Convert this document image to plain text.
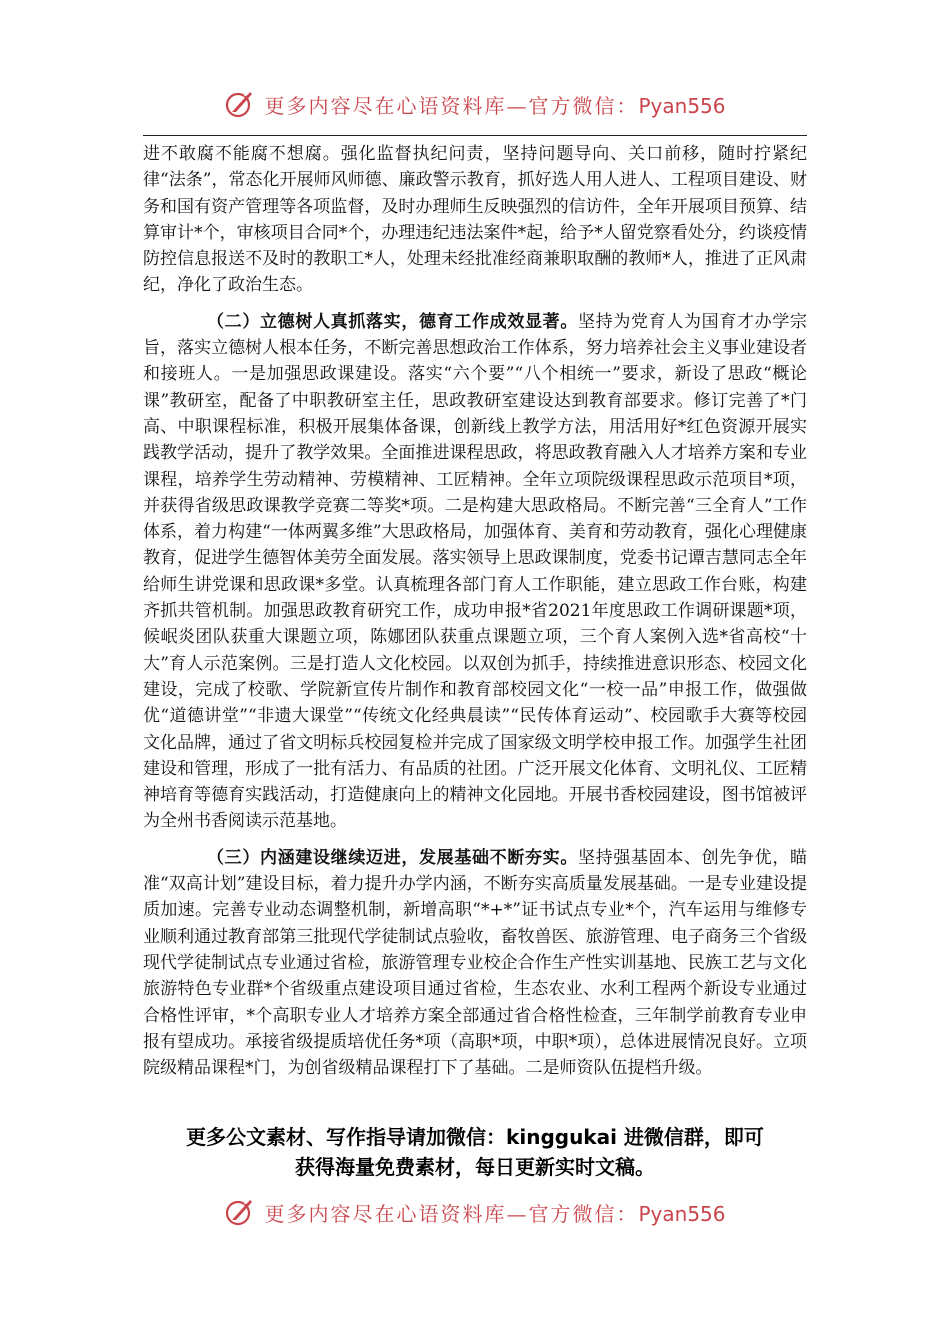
更多内容尽在心语资料库—官方微信：Pyan556

进不敢腐不能腐不想腐。强化监督执纪问责，坚持问题导向、关口前移，随时拧紧纪律“法条”，常态化开展师风师德、廉政警示教育，抓好选人用人进人、工程项目建设、财务和国有资产管理等各项监督，及时办理师生反映强烈的信访件，全年开展项目预算、结算审计*个，审核项目合同*个，办理违纪违法案件*起，给予*人留党察看处分，约谈疫情防控信息报送不及时的教职工*人，处理未经批准经商兼职取酬的教师*人，推进了正风肃纪，净化了政治生态。

（二）立德树人真抓落实，德育工作成效显著。坚持为党育人为国育才办学宗旨，落实立德树人根本任务，不断完善思想政治工作体系，努力培养社会主义事业建设者和接班人。一是加强思政课建设。落实“六个要”“八个相统一”要求，新设了思政“概论课”教研室，配备了中职教研室主任，思政教研室建设达到教育部要求。修订完善了*门高、中职课程标准，积极开展集体备课，创新线上教学方法，用活用好*红色资源开展实践教学活动，提升了教学效果。全面推进课程思政，将思政教育融入人才培养方案和专业课程，培养学生劳动精神、劳模精神、工匠精神。全年立项院级课程思政示范项目*项，并获得省级思政课教学竞赛二等奖*项。二是构建大思政格局。不断完善“三全育人”工作体系，着力构建“一体两翼多维”大思政格局，加强体育、美育和劳动教育，强化心理健康教育，促进学生德智体美劳全面发展。落实领导上思政课制度，党委书记谭吉慧同志全年给师生讲党课和思政课*多堂。认真梳理各部门育人工作职能，建立思政工作台账，构建齐抓共管机制。加强思政教育研究工作，成功申报*省2021年度思政工作调研课题*项，候岷炎团队获重大课题立项，陈娜团队获重点课题立项，三个育人案例入选*省高校“十大”育人示范案例。三是打造人文化校园。以双创为抓手，持续推进意识形态、校园文化建设，完成了校歌、学院新宣传片制作和教育部校园文化“一校一品”申报工作，做强做优“道德讲堂”“非遗大课堂”“传统文化经典晨读”“民传体育运动”、校园歌手大赛等校园文化品牌，通过了省文明标兵校园复检并完成了国家级文明学校申报工作。加强学生社团建设和管理，形成了一批有活力、有品质的社团。广泛开展文化体育、文明礼仪、工匠精神培育等德育实践活动，打造健康向上的精神文化园地。开展书香校园建设，图书馆被评为全州书香阅读示范基地。

（三）内涵建设继续迈进，发展基础不断夯实。坚持强基固本、创先争优，瞄准“双高计划”建设目标，着力提升办学内涵，不断夯实高质量发展基础。一是专业建设提质加速。完善专业动态调整机制，新增高职“*+*”证书试点专业*个，汽车运用与维修专业顺利通过教育部第三批现代学徒制试点验收，畜牧兽医、旅游管理、电子商务三个省级现代学徒制试点专业通过省检，旅游管理专业校企合作生产性实训基地、民族工艺与文化旅游特色专业群*个省级重点建设项目通过省检，生态农业、水利工程两个新设专业通过合格性评审，*个高职专业人才培养方案全部通过省合格性检查，三年制学前教育专业申报有望成功。承接省级提质培优任务*项（高职*项，中职*项），总体进展情况良好。立项院级精品课程*门，为创省级精品课程打下了基础。二是师资队伍提档升级。

更多公文素材、写作指导请加微信：kinggukai 进微信群，即可
获得海量免费素材，每日更新实时文稿。
更多内容尽在心语资料库—官方微信：Pyan556
